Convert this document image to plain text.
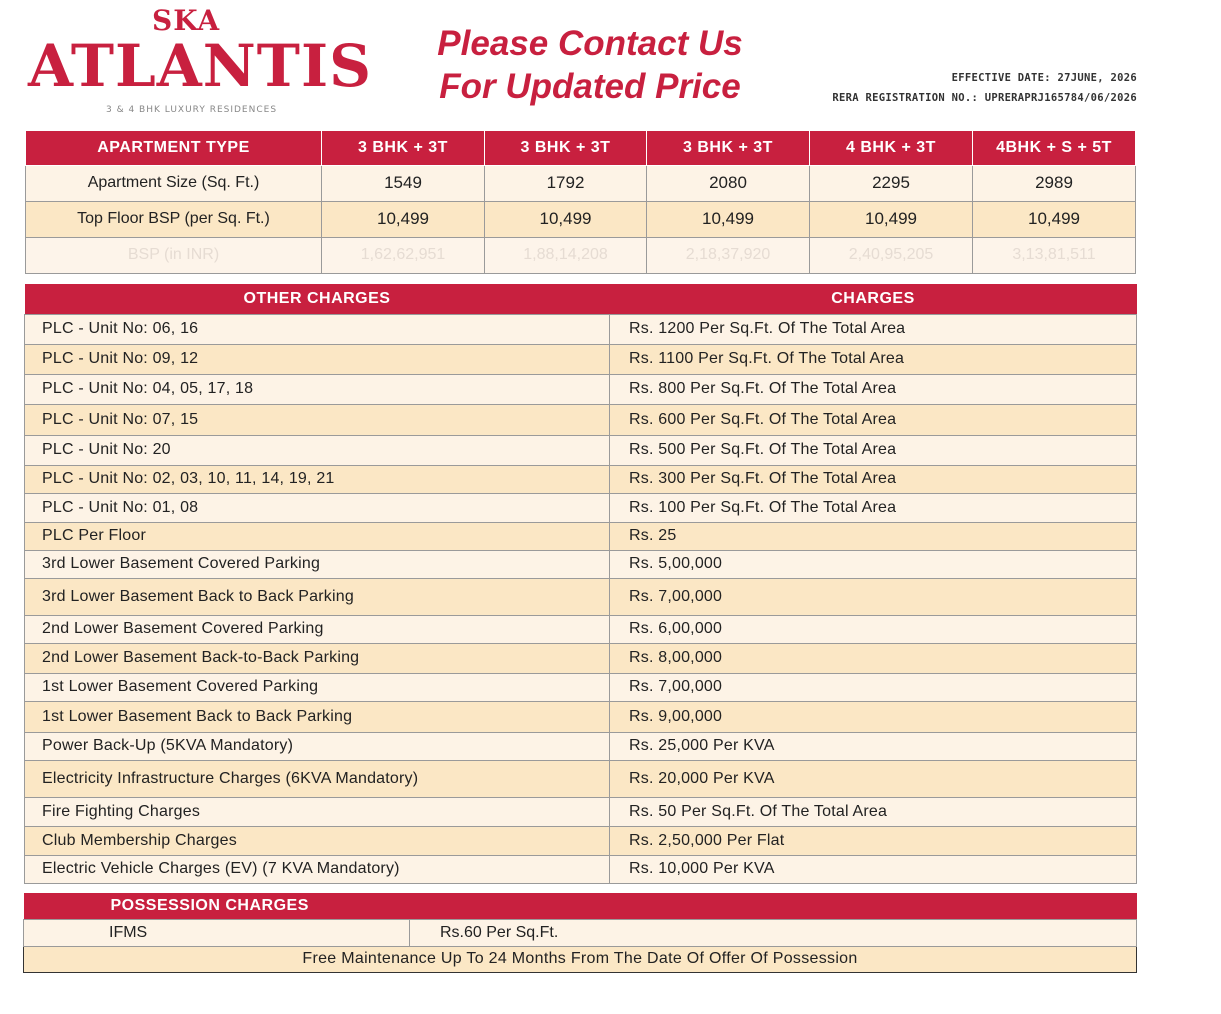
SKA
ATLANTIS
3 & 4 BHK LUXURY RESIDENCES
Please Contact Us
For Updated Price	EFFECTIVE DATE: 27JUNE, 2026
RERA REGISTRATION NO.: UPRERAPRJ165784/06/2026
APARTMENT TYPE	3 BHK + 3T	3 BHK + 3T	3 BHK + 3T	4 BHK + 3T	4BHK + S + 5T
Apartment Size (Sq. Ft.)	1549	1792	2080	2295	2989
Top Floor BSP (per Sq. Ft.)	10,499	10,499	10,499	10,499	10,499
BSP (in INR)	1,62,62,951	1,88,14,208	2,18,37,920	2,40,95,205	3,13,81,511
OTHER CHARGES	CHARGES
PLC - Unit No: 06, 16	Rs. 1200 Per Sq.Ft. Of The Total Area
PLC - Unit No: 09, 12	Rs. 1100 Per Sq.Ft. Of The Total Area
PLC - Unit No: 04, 05, 17, 18	Rs. 800 Per Sq.Ft. Of The Total Area
PLC - Unit No: 07, 15	Rs. 600 Per Sq.Ft. Of The Total Area
PLC - Unit No: 20	Rs. 500 Per Sq.Ft. Of The Total Area
PLC - Unit No: 02, 03, 10, 11, 14, 19, 21	Rs. 300 Per Sq.Ft. Of The Total Area
PLC - Unit No: 01, 08	Rs. 100 Per Sq.Ft. Of The Total Area
PLC Per Floor	Rs. 25
3rd Lower Basement Covered Parking	Rs. 5,00,000
3rd Lower Basement Back to Back Parking	Rs. 7,00,000
2nd Lower Basement Covered Parking	Rs. 6,00,000
2nd Lower Basement Back-to-Back Parking	Rs. 8,00,000
1st Lower Basement Covered Parking	Rs. 7,00,000
1st Lower Basement Back to Back Parking	Rs. 9,00,000
Power Back-Up (5KVA Mandatory)	Rs. 25,000 Per KVA
Electricity Infrastructure Charges (6KVA Mandatory)	Rs. 20,000 Per KVA
Fire Fighting Charges	Rs. 50 Per Sq.Ft. Of The Total Area
Club Membership Charges	Rs. 2,50,000 Per Flat
Electric Vehicle Charges (EV) (7 KVA Mandatory)	Rs. 10,000 Per KVA
POSSESSION CHARGES
IFMS	Rs.60 Per Sq.Ft.
Free Maintenance Up To 24 Months From The Date Of Offer Of Possession
